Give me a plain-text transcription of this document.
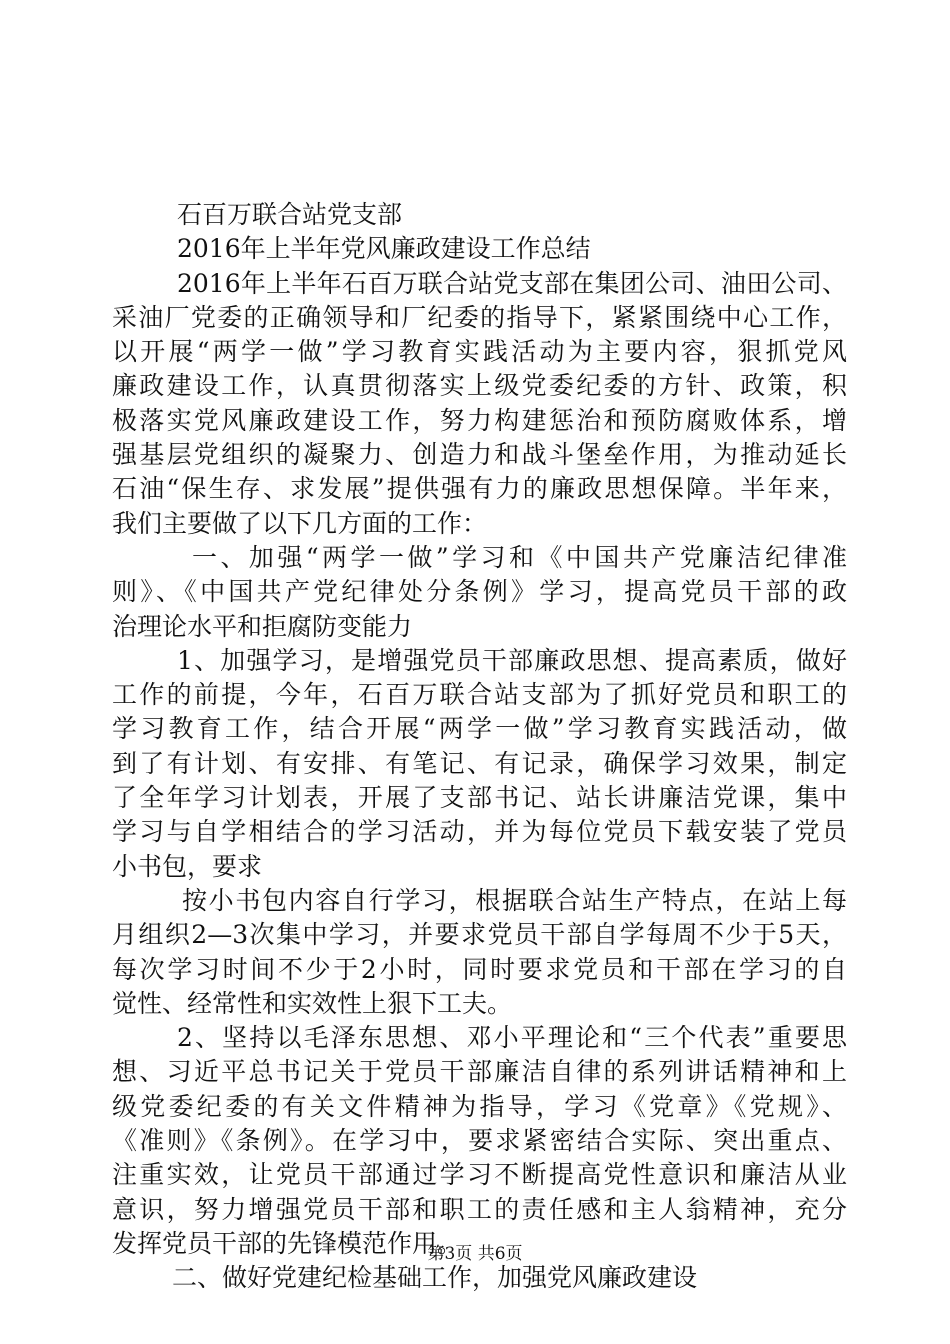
石百万联合站党支部
2016年上半年党风廉政建设工作总结
2016年上半年石百万联合站党支部在集团公司、油田公司、
采油厂党委的正确领导和厂纪委的指导下，紧紧围绕中心工作，
以开展“两学一做”学习教育实践活动为主要内容，狠抓党风
廉政建设工作，认真贯彻落实上级党委纪委的方针、政策，积
极落实党风廉政建设工作，努力构建惩治和预防腐败体系，增
强基层党组织的凝聚力、创造力和战斗堡垒作用，为推动延长
石油“保生存、求发展”提供强有力的廉政思想保障。半年来，
我们主要做了以下几方面的工作：
一、加强“两学一做”学习和《中国共产党廉洁纪律准
则》、《中国共产党纪律处分条例》学习，提高党员干部的政
治理论水平和拒腐防变能力
1、加强学习，是增强党员干部廉政思想、提高素质，做好
工作的前提，今年，石百万联合站支部为了抓好党员和职工的
学习教育工作，结合开展“两学一做”学习教育实践活动，做
到了有计划、有安排、有笔记、有记录，确保学习效果，制定
了全年学习计划表，开展了支部书记、站长讲廉洁党课，集中
学习与自学相结合的学习活动，并为每位党员下载安装了党员
小书包，要求
按小书包内容自行学习，根据联合站生产特点，在站上每
月组织2—3次集中学习，并要求党员干部自学每周不少于5天，
每次学习时间不少于2小时，同时要求党员和干部在学习的自
觉性、经常性和实效性上狠下工夫。
2、坚持以毛泽东思想、邓小平理论和“三个代表”重要思
想、习近平总书记关于党员干部廉洁自律的系列讲话精神和上
级党委纪委的有关文件精神为指导，学习《党章》《党规》、
《准则》《条例》。在学习中，要求紧密结合实际、突出重点、
注重实效，让党员干部通过学习不断提高党性意识和廉洁从业
意识，努力增强党员干部和职工的责任感和主人翁精神，充分
发挥党员干部的先锋模范作用。
二、做好党建纪检基础工作，加强党风廉政建设
第3页 共6页
